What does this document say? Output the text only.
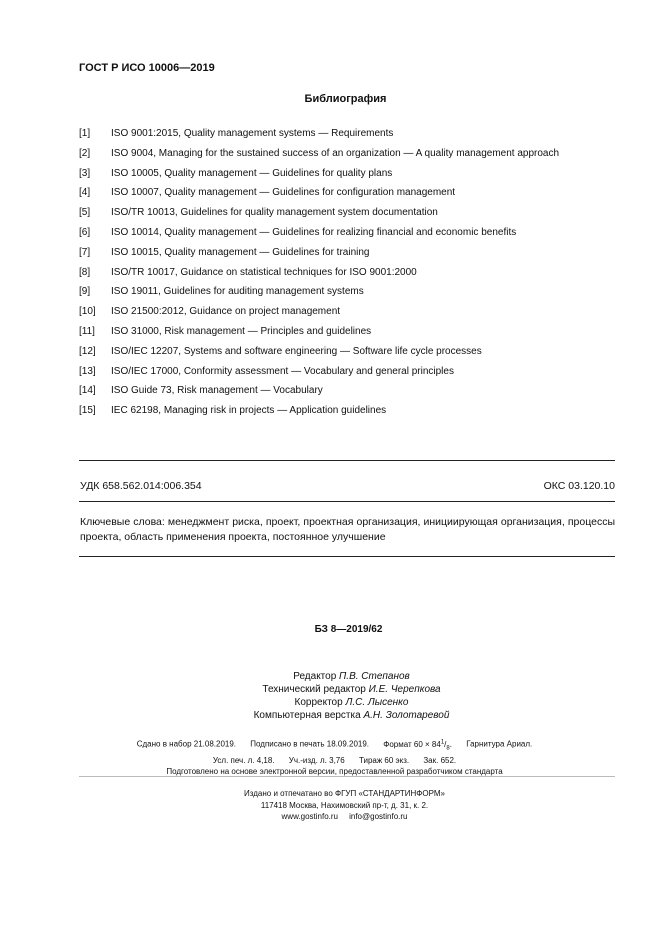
ГОСТ Р ИСО 10006—2019
Библиография
[1] ISO 9001:2015, Quality management systems — Requirements
[2] ISO 9004, Managing for the sustained success of an organization — A quality management approach
[3] ISO 10005, Quality management — Guidelines for quality plans
[4] ISO 10007, Quality management — Guidelines for configuration management
[5] ISO/TR 10013, Guidelines for quality management system documentation
[6] ISO 10014, Quality management — Guidelines for realizing financial and economic benefits
[7] ISO 10015, Quality management — Guidelines for training
[8] ISO/TR 10017, Guidance on statistical techniques for ISO 9001:2000
[9] ISO 19011, Guidelines for auditing management systems
[10] ISO 21500:2012, Guidance on project management
[11] ISO 31000, Risk management — Principles and guidelines
[12] ISO/IEC 12207, Systems and software engineering — Software life cycle processes
[13] ISO/IEC 17000, Conformity assessment — Vocabulary and general principles
[14] ISO Guide 73, Risk management — Vocabulary
[15] IEC 62198, Managing risk in projects — Application guidelines
УДК 658.562.014:006.354	ОКС 03.120.10
Ключевые слова: менеджмент риска, проект, проектная организация, инициирующая организация, процессы проекта, область применения проекта, постоянное улучшение
БЗ 8—2019/62
Редактор П.В. Степанов
Технический редактор И.Е. Черепкова
Корректор Л.С. Лысенко
Компьютерная верстка А.Н. Золотаревой
Сдано в набор 21.08.2019. Подписано в печать 18.09.2019. Формат $60 \times 84^1/_8$. Гарнитура Ариал.
Усл. печ. л. 4,18. Уч.-изд. л. 3,76 Тираж 60 экз. Зак. 652.
Подготовлено на основе электронной версии, предоставленной разработчиком стандарта
Издано и отпечатано во ФГУП «СТАНДАРТИНФОРМ»
117418 Москва, Нахимовский пр-т, д. 31, к. 2.
www.gostinfo.ru info@gostinfo.ru
